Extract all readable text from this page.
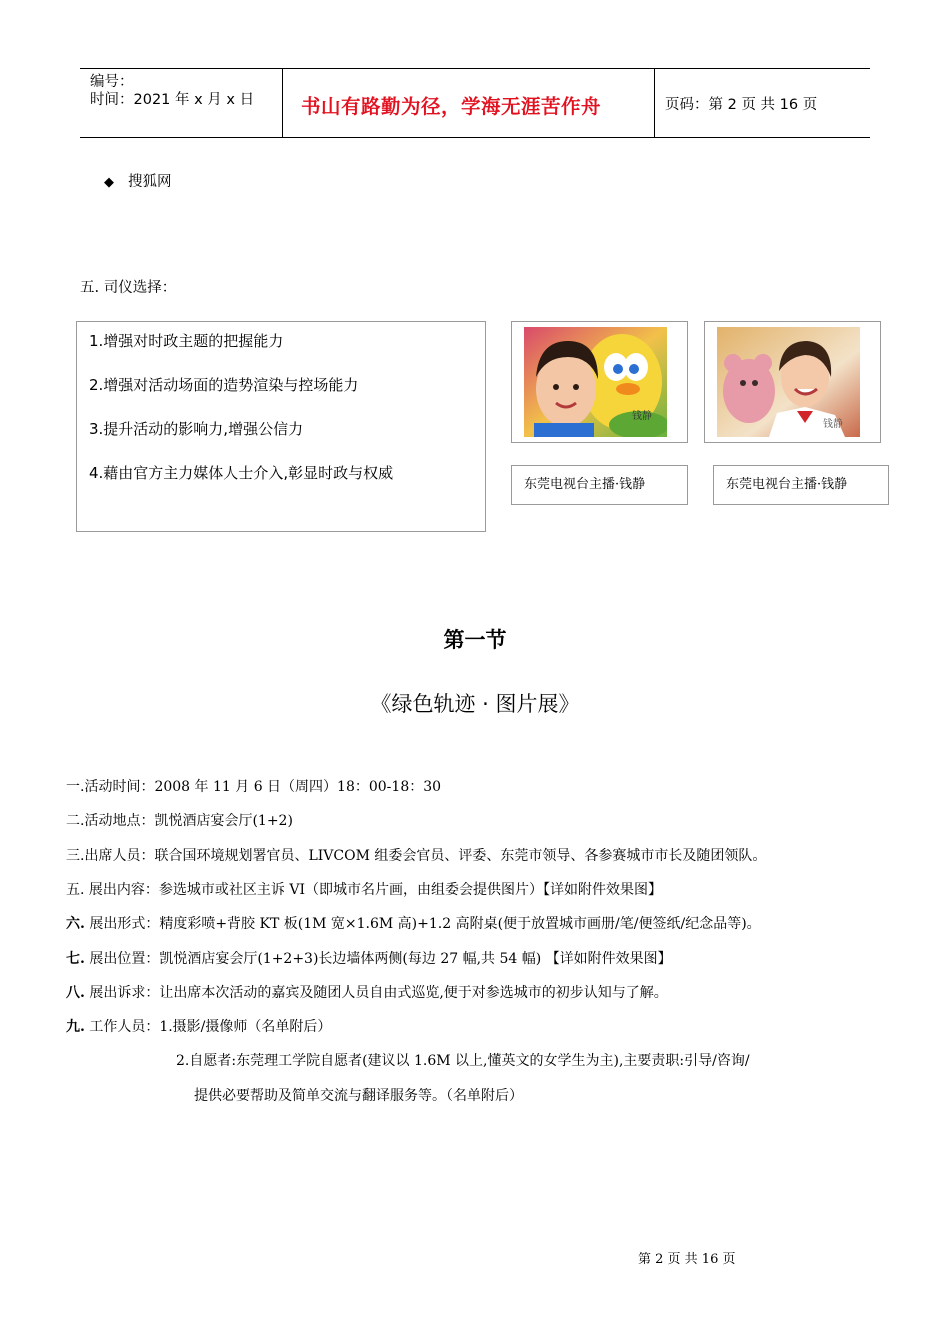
编号：
时间：2021 年 x 月 x 日 书山有路勤为径，学海无涯苦作舟	页码：第 2 页 共 16 页
◆ 搜狐网
五. 司仪选择：
1.增强对时政主题的把握能力
2.增强对活动场面的造势渲染与控场能力
3.提升活动的影响力,增强公信力
4.藉由官方主力媒体人士介入,彰显时政与权威
钱静
东莞电视台主播·钱静
钱静
东莞电视台主播·钱静
第一节
《绿色轨迹 · 图片展》
一.活动时间：2008 年 11 月 6 日（周四）18：00-18：30
二.活动地点：凯悦酒店宴会厅(1+2)
三.出席人员：联合国环境规划署官员、LIVCOM 组委会官员、评委、东莞市领导、各参赛城市市长及随团领队。
五. 展出内容：参选城市或社区主诉 VI（即城市名片画，由组委会提供图片）【详如附件效果图】
六. 展出形式：精度彩喷+背胶 KT 板(1M 宽×1.6M 高)+1.2 高附桌(便于放置城市画册/笔/便签纸/纪念品等)。
七. 展出位置：凯悦酒店宴会厅(1+2+3)长边墙体两侧(每边 27 幅,共 54 幅) 【详如附件效果图】
八. 展出诉求：让出席本次活动的嘉宾及随团人员自由式巡览,便于对参选城市的初步认知与了解。
九. 工作人员：1.摄影/摄像师（名单附后）
2.自愿者:东莞理工学院自愿者(建议以 1.6M 以上,懂英文的女学生为主),主要责职:引导/咨询/
提供必要帮助及简单交流与翻译服务等。（名单附后）
第 2 页 共 16 页
